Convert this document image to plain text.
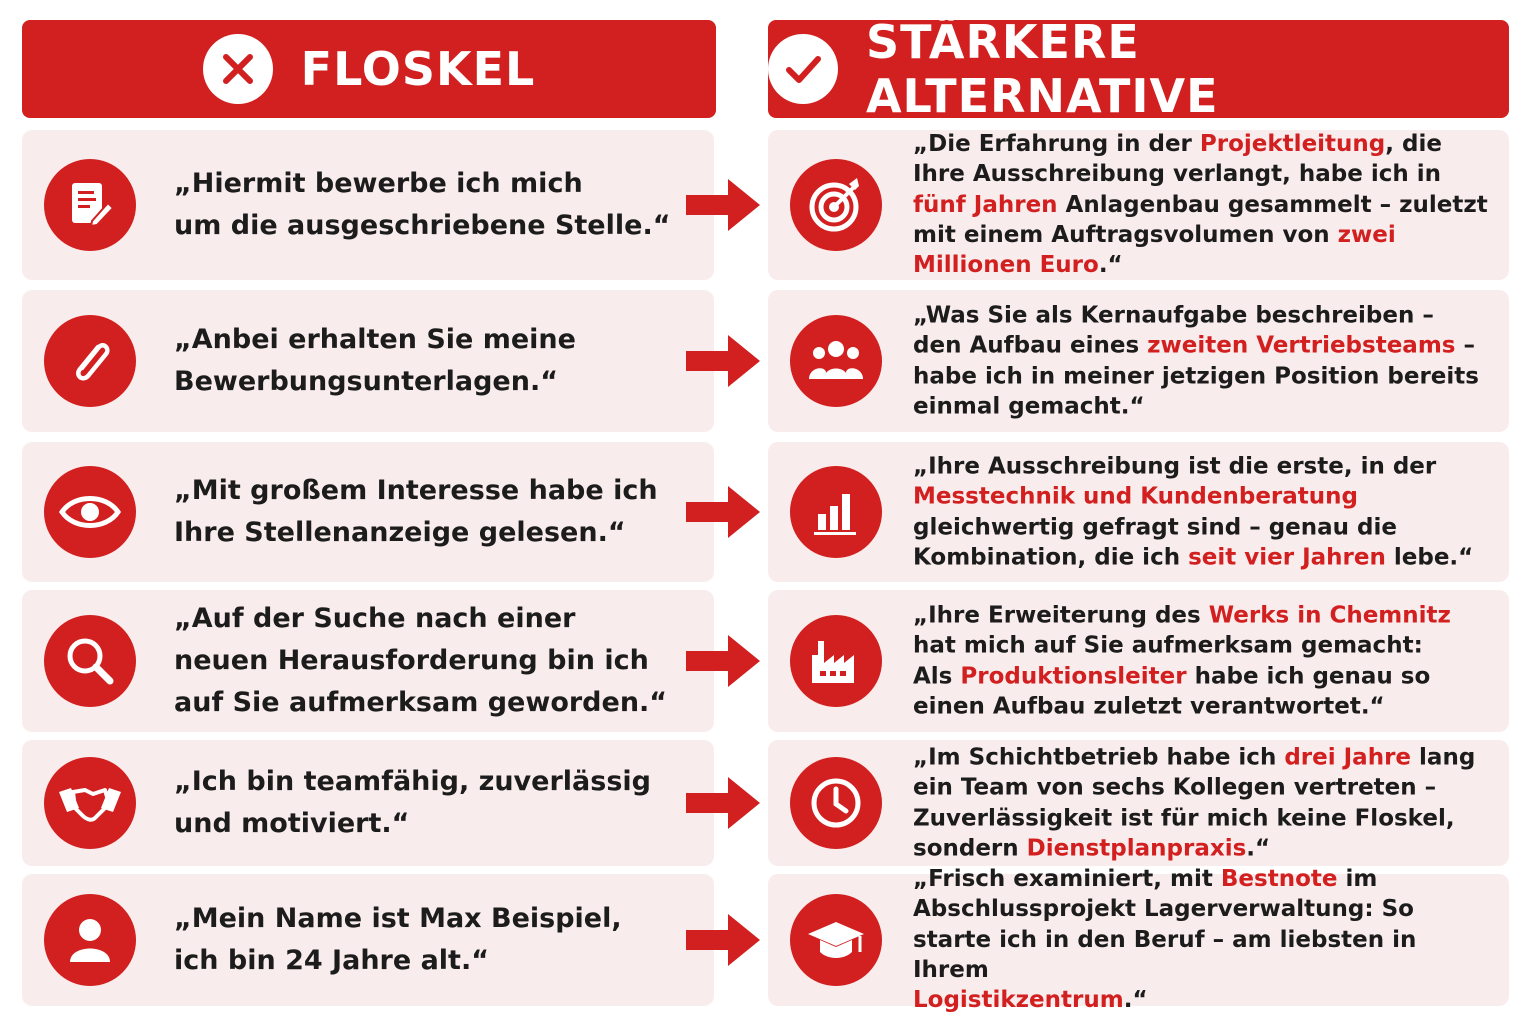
FLOSKEL	STÄRKERE ALTERNATIVE
„Hiermit bewerbe ich mich
um die ausgeschriebene Stelle.“
„Die Erfahrung in der Projektleitung, die
Ihre Ausschreibung verlangt, habe ich in
fünf Jahren Anlagenbau gesammelt – zuletzt
mit einem Auftragsvolumen von zwei
Millionen Euro.“
„Anbei erhalten Sie meine
Bewerbungsunterlagen.“
„Was Sie als Kernaufgabe beschreiben –
den Aufbau eines zweiten Vertriebsteams –
habe ich in meiner jetzigen Position bereits
einmal gemacht.“
„Mit großem Interesse habe ich
Ihre Stellenanzeige gelesen.“
„Ihre Ausschreibung ist die erste, in der
Messtechnik und Kundenberatung
gleichwertig gefragt sind – genau die
Kombination, die ich seit vier Jahren lebe.“
„Auf der Suche nach einer
neuen Herausforderung bin ich
auf Sie aufmerksam geworden.“
„Ihre Erweiterung des Werks in Chemnitz
hat mich auf Sie aufmerksam gemacht:
Als Produktionsleiter habe ich genau so
einen Aufbau zuletzt verantwortet.“
„Ich bin teamfähig, zuverlässig
und motiviert.“
„Im Schichtbetrieb habe ich drei Jahre lang
ein Team von sechs Kollegen vertreten –
Zuverlässigkeit ist für mich keine Floskel,
sondern Dienstplanpraxis.“
„Mein Name ist Max Beispiel,
ich bin 24 Jahre alt.“
„Frisch examiniert, mit Bestnote im
Abschlussprojekt Lagerverwaltung: So
starte ich in den Beruf – am liebsten in Ihrem
Logistikzentrum.“
